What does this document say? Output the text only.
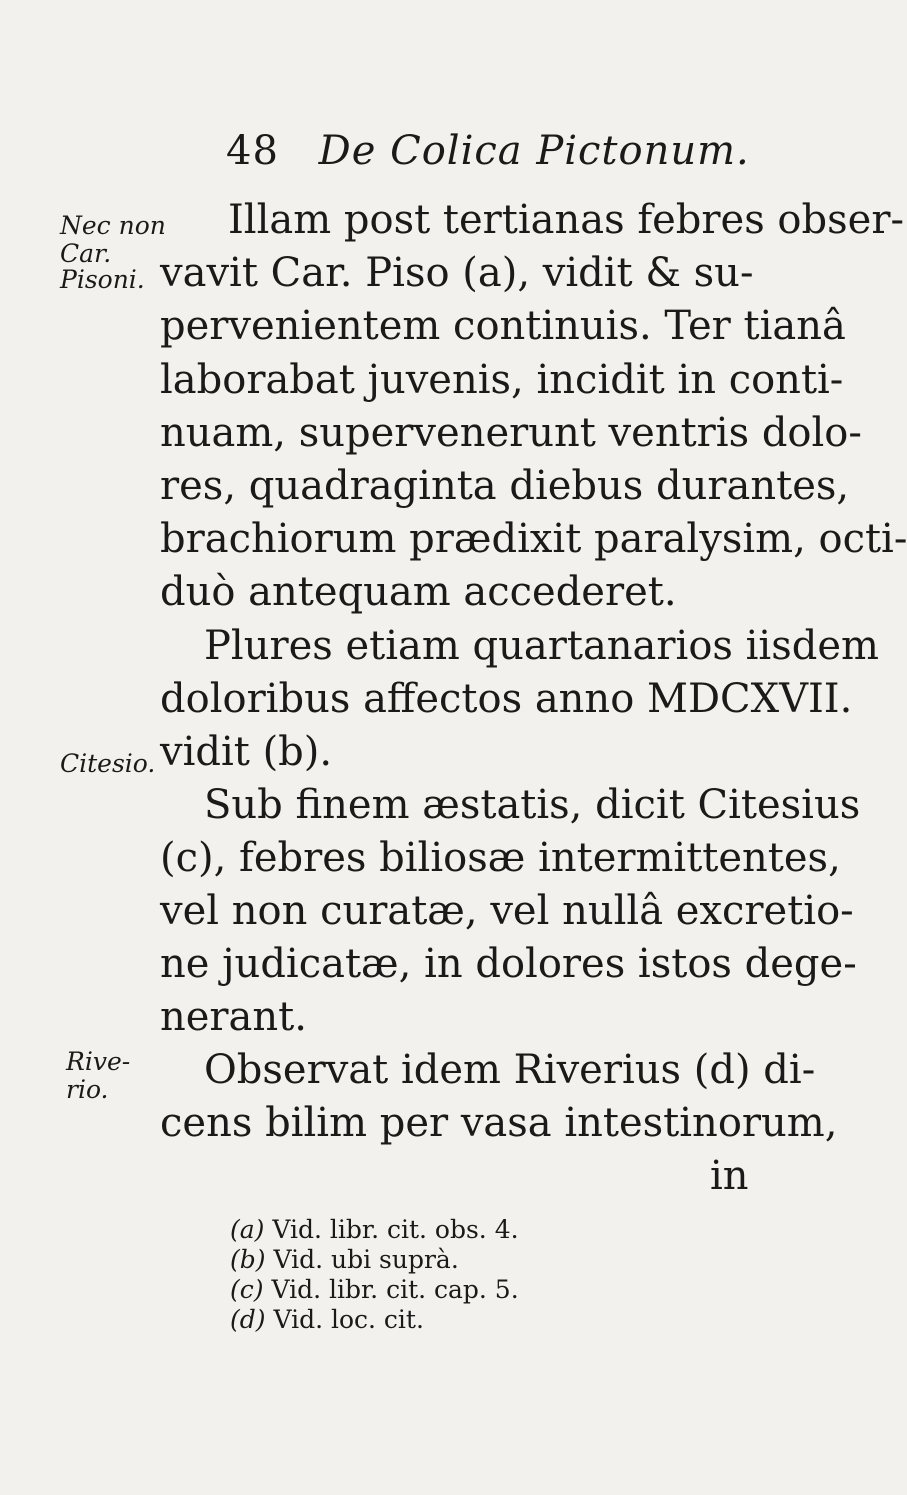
48 De Colica Pictonum.
Nec non
Car.
Pisoni.
Citesio.
Rive-
rio.
Illam post tertianas febres obser-
vavit Car. Piso (a), vidit & su-
pervenientem continuis. Ter tianâ
laborabat juvenis, incidit in conti-
nuam, supervenerunt ventris dolo-
res, quadraginta diebus durantes,
brachiorum prædixit paralysim, octi-
duò antequam accederet.
Plures etiam quartanarios iisdem
doloribus affectos anno MDCXVII.
vidit (b).
Sub finem æstatis, dicit Citesius
(c), febres biliosæ intermittentes,
vel non curatæ, vel nullâ excretio-
ne judicatæ, in dolores istos dege-
nerant.
Observat idem Riverius (d) di-
cens bilim per vasa intestinorum,
in
(a) Vid. libr. cit. obs. 4.
(b) Vid. ubi suprà.
(c) Vid. libr. cit. cap. 5.
(d) Vid. loc. cit.
